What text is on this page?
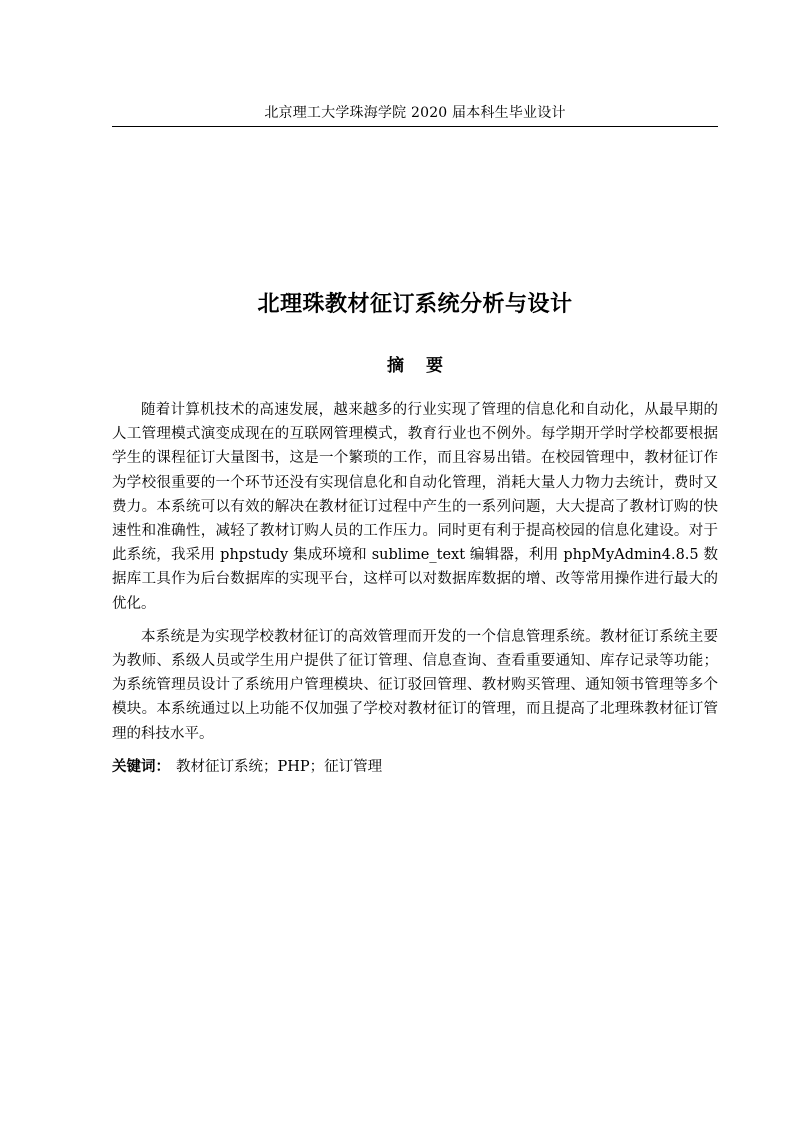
北京理工大学珠海学院 2020 届本科生毕业设计
北理珠教材征订系统分析与设计
摘要

随着计算机技术的高速发展，越来越多的行业实现了管理的信息化和自动化，从最早期的人工管理模式演变成现在的互联网管理模式，教育行业也不例外。每学期开学时学校都要根据学生的课程征订大量图书，这是一个繁琐的工作，而且容易出错。在校园管理中，教材征订作为学校很重要的一个环节还没有实现信息化和自动化管理，消耗大量人力物力去统计，费时又费力。本系统可以有效的解决在教材征订过程中产生的一系列问题，大大提高了教材订购的快速性和准确性，减轻了教材订购人员的工作压力。同时更有利于提高校园的信息化建设。对于此系统，我采用 phpstudy 集成环境和 sublime_text 编辑器，利用 phpMyAdmin4.8.5 数据库工具作为后台数据库的实现平台，这样可以对数据库数据的增、改等常用操作进行最大的优化。

本系统是为实现学校教材征订的高效管理而开发的一个信息管理系统。教材征订系统主要为教师、系级人员或学生用户提供了征订管理、信息查询、查看重要通知、库存记录等功能；为系统管理员设计了系统用户管理模块、征订驳回管理、教材购买管理、通知领书管理等多个模块。本系统通过以上功能不仅加强了学校对教材征订的管理，而且提高了北理珠教材征订管理的科技水平。

关键词： 教材征订系统；PHP；征订管理
